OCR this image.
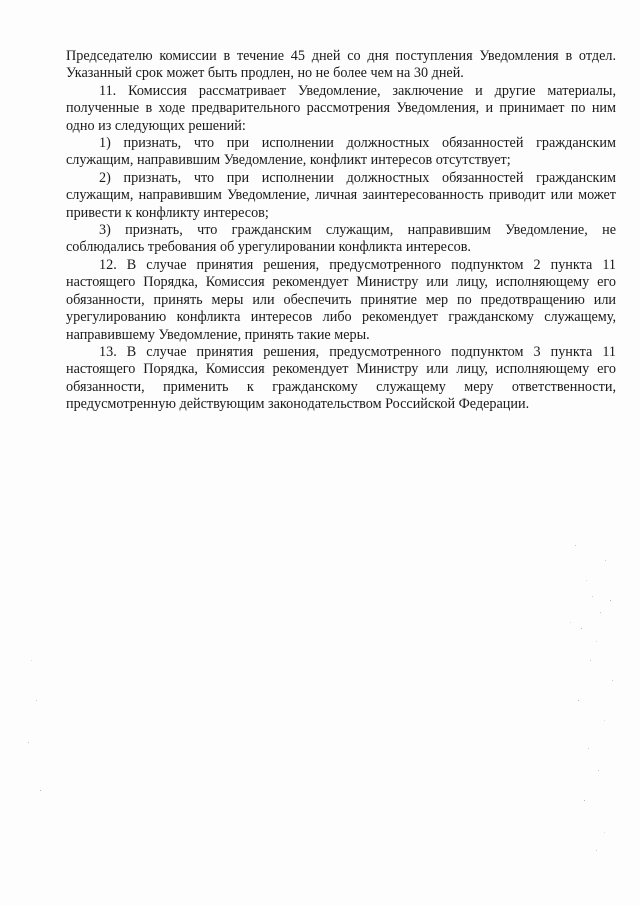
Председателю комиссии в течение 45 дней со дня поступления Уведомления в отдел. Указанный срок может быть продлен, но не более чем на 30 дней.

11. Комиссия рассматривает Уведомление, заключение и другие материалы, полученные в ходе предварительного рассмотрения Уведомления, и принимает по ним одно из следующих решений:

1) признать, что при исполнении должностных обязанностей гражданским служащим, направившим Уведомление, конфликт интересов отсутствует;

2) признать, что при исполнении должностных обязанностей гражданским служащим, направившим Уведомление, личная заинтересованность приводит или может привести к конфликту интересов;

3) признать, что гражданским служащим, направившим Уведомление, не соблюдались требования об урегулировании конфликта интересов.

12. В случае принятия решения, предусмотренного подпунктом 2 пункта 11 настоящего Порядка, Комиссия рекомендует Министру или лицу, исполняющему его обязанности, принять меры или обеспечить принятие мер по предотвращению или урегулированию конфликта интересов либо рекомендует гражданскому служащему, направившему Уведомление, принять такие меры.

13. В случае принятия решения, предусмотренного подпунктом 3 пункта 11 настоящего Порядка, Комиссия рекомендует Министру или лицу, исполняющему его обязанности, применить к гражданскому служащему меру ответственности, предусмотренную действующим законодательством Российской Федерации.
